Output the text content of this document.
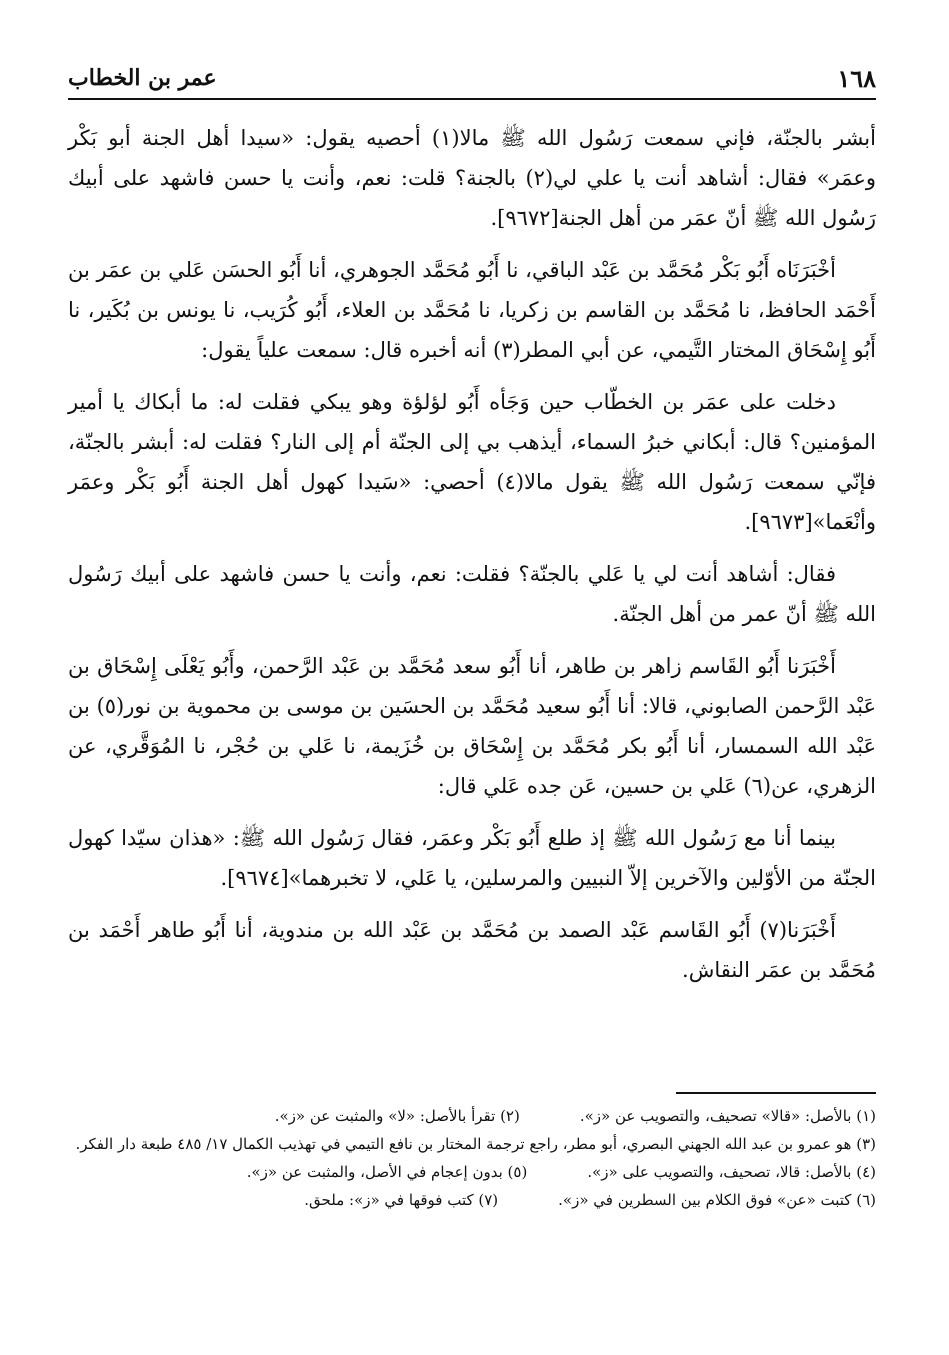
١٦٨
عمر بن الخطاب

أبشر بالجنّة، فإني سمعت رَسُول الله ﷺ مالا(١) أحصيه يقول: «سيدا أهل الجنة أبو بَكْر وعمَر» فقال: أشاهد أنت يا علي لي(٢) بالجنة؟ قلت: نعم، وأنت يا حسن فاشهد على أبيك رَسُول الله ﷺ أنّ عمَر من أهل الجنة[٩٦٧٢].

أخْبَرَنَاه أَبُو بَكْر مُحَمَّد بن عَبْد الباقي، نا أَبُو مُحَمَّد الجوهري، أنا أَبُو الحسَن عَلي بن عمَر بن أَحْمَد الحافظ، نا مُحَمَّد بن القاسم بن زكريا، نا مُحَمَّد بن العلاء، أَبُو كُرَيب، نا يونس بن بُكَير، نا أَبُو إِسْحَاق المختار التَّيمي، عن أبي المطر(٣) أنه أخبره قال: سمعت علياً يقول:

دخلت على عمَر بن الخطّاب حين وَجَأه أَبُو لؤلؤة وهو يبكي فقلت له: ما أبكاك يا أمير المؤمنين؟ قال: أبكاني خبرُ السماء، أيذهب بي إلى الجنّة أم إلى النار؟ فقلت له: أبشر بالجنّة، فإنّي سمعت رَسُول الله ﷺ يقول مالا(٤) أحصي: «سَيدا كهول أهل الجنة أَبُو بَكْر وعمَر وأنْعَما»[٩٦٧٣].

فقال: أشاهد أنت لي يا عَلي بالجنّة؟ فقلت: نعم، وأنت يا حسن فاشهد على أبيك رَسُول الله ﷺ أنّ عمر من أهل الجنّة.

أَخْبَرَنا أَبُو القَاسم زاهر بن طاهر، أنا أَبُو سعد مُحَمَّد بن عَبْد الرَّحمن، وأَبُو يَعْلَى إِسْحَاق بن عَبْد الرَّحمن الصابوني، قالا: أنا أَبُو سعيد مُحَمَّد بن الحسَين بن موسى بن محموية بن نور(٥) بن عَبْد الله السمسار، أنا أَبُو بكر مُحَمَّد بن إِسْحَاق بن خُزَيمة، نا عَلي بن حُجْر، نا المُوَقَّري، عن الزهري، عن(٦) عَلي بن حسين، عَن جده عَلي قال:

بينما أنا مع رَسُول الله ﷺ إذ طلع أَبُو بَكْر وعمَر، فقال رَسُول الله ﷺ: «هذان سيّدا كهول الجنّة من الأوّلين والآخرين إلاّ النبيين والمرسلين، يا عَلي، لا تخبرهما»[٩٦٧٤].

أَخْبَرَنا(٧) أَبُو القَاسم عَبْد الصمد بن مُحَمَّد بن عَبْد الله بن مندوية، أنا أَبُو طاهر أَحْمَد بن مُحَمَّد بن عمَر النقاش.

(١) بالأصل: «قالا» تصحيف، والتصويب عن «ز».

(٢) تقرأ بالأصل: «لا» والمثبت عن «ز».

(٣) هو عمرو بن عبد الله الجهني البصري، أبو مطر، راجع ترجمة المختار بن نافع التيمي في تهذيب الكمال ١٧/ ٤٨٥ طبعة دار الفكر.

(٤) بالأصل: قالا، تصحيف، والتصويب على «ز».

(٥) بدون إعجام في الأصل، والمثبت عن «ز».

(٦) كتبت «عن» فوق الكلام بين السطرين في «ز».

(٧) كتب فوقها في «ز»: ملحق.
